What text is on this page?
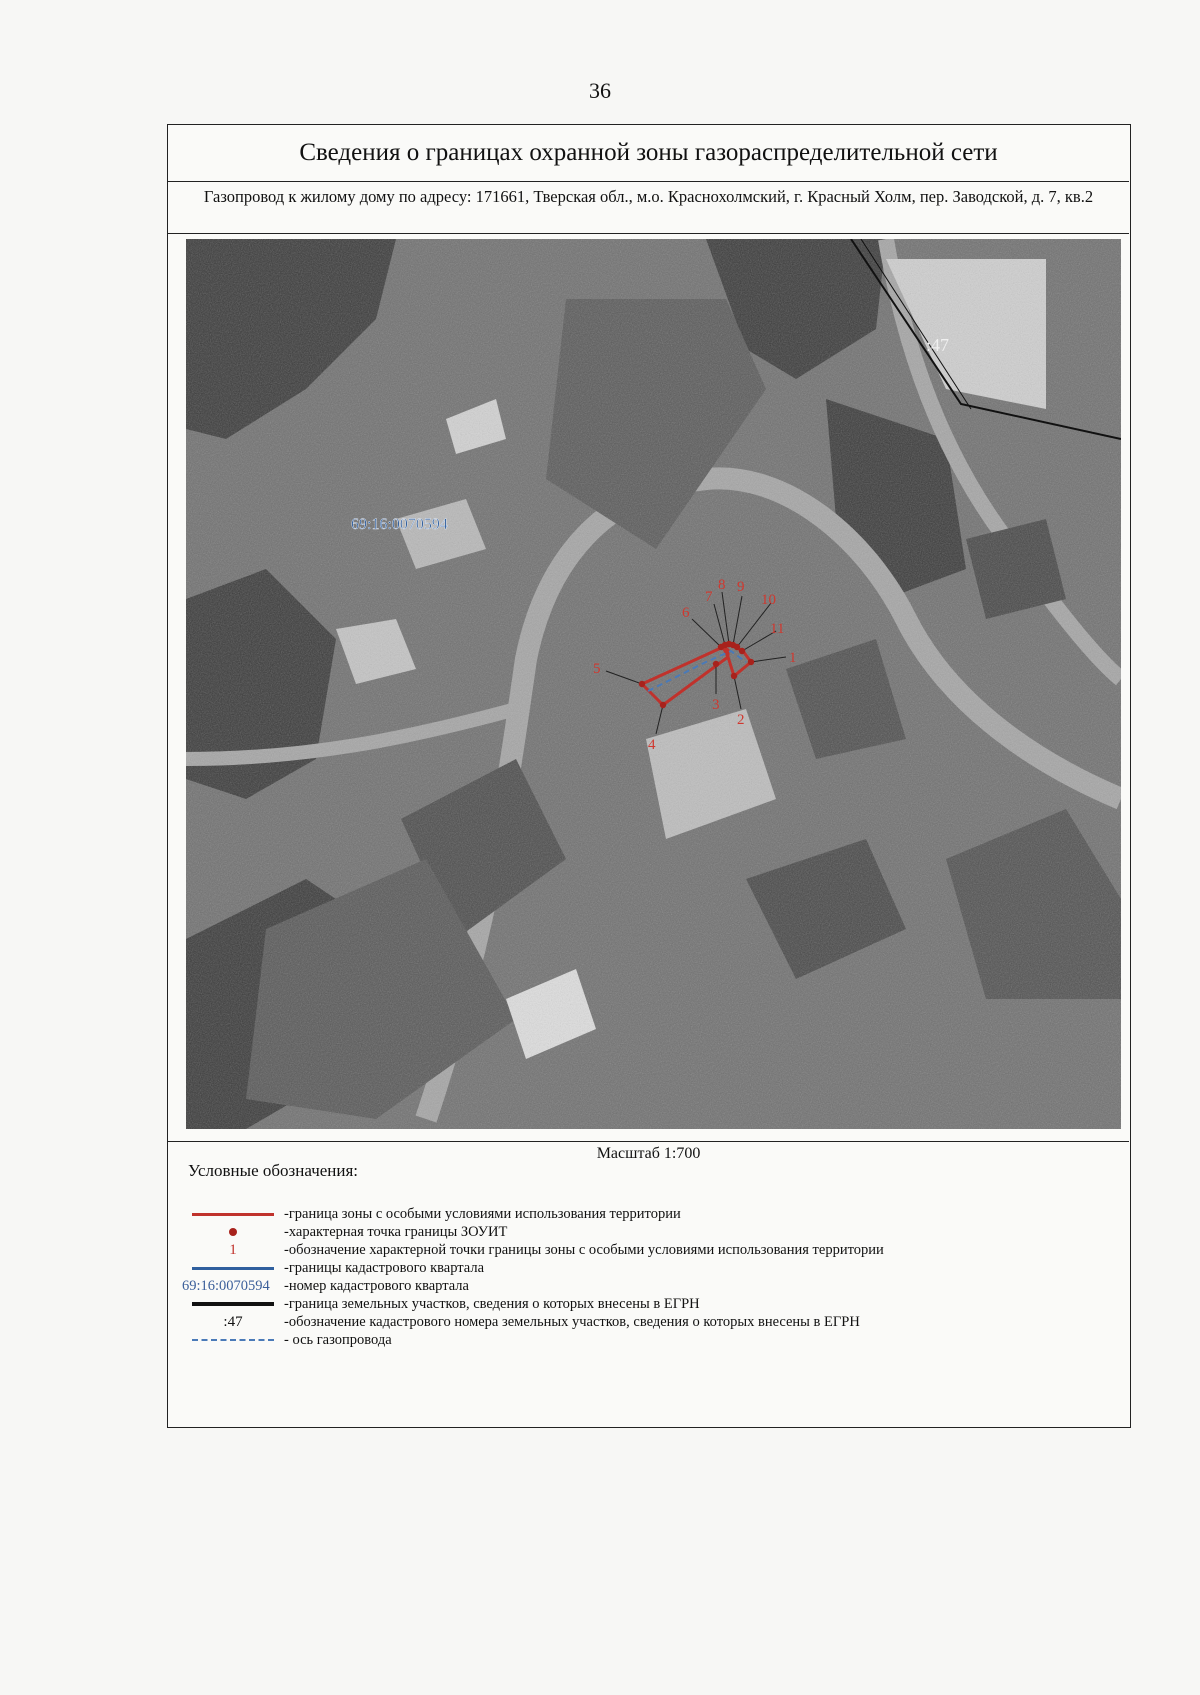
36
Сведения о границах охранной зоны газораспределительной сети
Газопровод к жилому дому по адресу: 171661, Тверская обл., м.о. Краснохолмский, г. Красный Холм, пер. Заводской, д. 7, кв.2
:47
69:16:0070594
1
2
3
4
5
6
7
8 9
10
11
Масштаб 1:700
Условные обозначения:
-граница зоны с особыми условиями использования территории
-характерная точка границы ЗОУИТ
1	-обозначение характерной точки границы зоны с особыми условиями использования территории
-границы кадастрового квартала
69:16:0070594 -номер кадастрового квартала
-граница земельных участков, сведения о которых внесены в ЕГРН
:47	-обозначение кадастрового номера земельных участков, сведения о которых внесены в ЕГРН
- ось газопровода
